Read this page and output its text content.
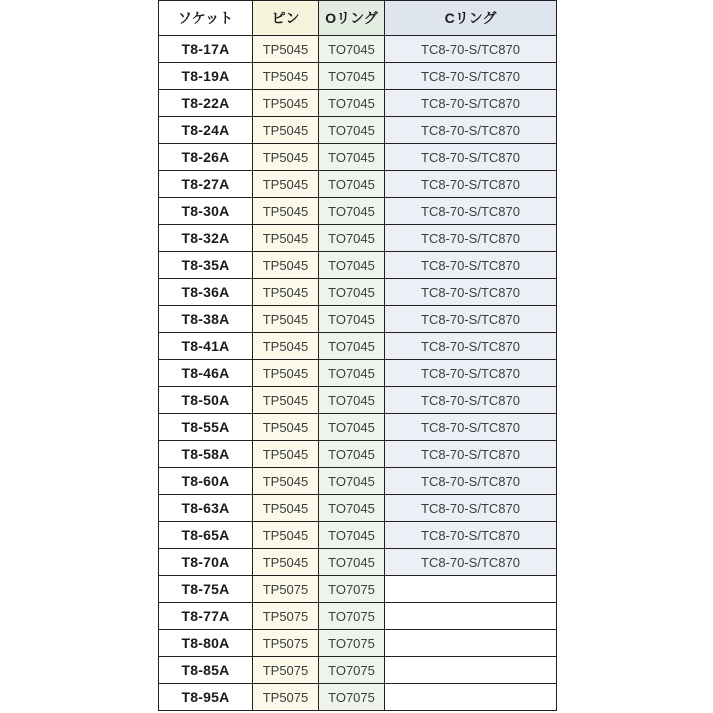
ソケット	ピン	Oリング	Cリング
T8-17A	TP5045	TO7045	TC8-70-S/TC870
T8-19A	TP5045	TO7045	TC8-70-S/TC870
T8-22A	TP5045	TO7045	TC8-70-S/TC870
T8-24A	TP5045	TO7045	TC8-70-S/TC870
T8-26A	TP5045	TO7045	TC8-70-S/TC870
T8-27A	TP5045	TO7045	TC8-70-S/TC870
T8-30A	TP5045	TO7045	TC8-70-S/TC870
T8-32A	TP5045	TO7045	TC8-70-S/TC870
T8-35A	TP5045	TO7045	TC8-70-S/TC870
T8-36A	TP5045	TO7045	TC8-70-S/TC870
T8-38A	TP5045	TO7045	TC8-70-S/TC870
T8-41A	TP5045	TO7045	TC8-70-S/TC870
T8-46A	TP5045	TO7045	TC8-70-S/TC870
T8-50A	TP5045	TO7045	TC8-70-S/TC870
T8-55A	TP5045	TO7045	TC8-70-S/TC870
T8-58A	TP5045	TO7045	TC8-70-S/TC870
T8-60A	TP5045	TO7045	TC8-70-S/TC870
T8-63A	TP5045	TO7045	TC8-70-S/TC870
T8-65A	TP5045	TO7045	TC8-70-S/TC870
T8-70A	TP5045	TO7045	TC8-70-S/TC870
T8-75A	TP5075	TO7075	
T8-77A	TP5075	TO7075	
T8-80A	TP5075	TO7075	
T8-85A	TP5075	TO7075	
T8-95A	TP5075	TO7075	
